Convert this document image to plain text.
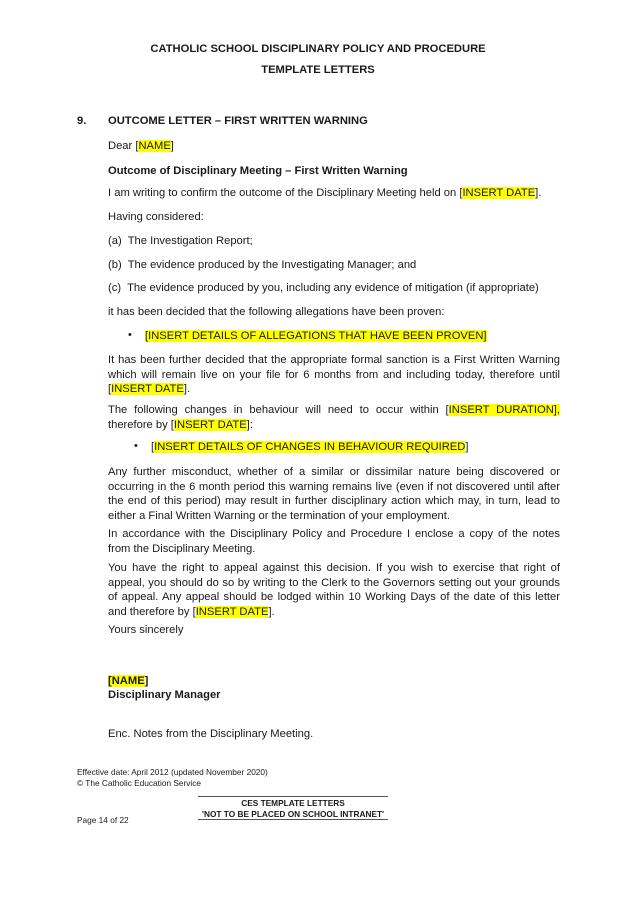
CATHOLIC SCHOOL DISCIPLINARY POLICY AND PROCEDURE
TEMPLATE LETTERS
9. OUTCOME LETTER – FIRST WRITTEN WARNING
Dear [NAME]
Outcome of Disciplinary Meeting – First Written Warning
I am writing to confirm the outcome of the Disciplinary Meeting held on [INSERT DATE].
Having considered:
(a) The Investigation Report;
(b) The evidence produced by the Investigating Manager; and
(c) The evidence produced by you, including any evidence of mitigation (if appropriate)
it has been decided that the following allegations have been proven:
• [INSERT DETAILS OF ALLEGATIONS THAT HAVE BEEN PROVEN]
It has been further decided that the appropriate formal sanction is a First Written Warning which will remain live on your file for 6 months from and including today, therefore until [INSERT DATE].
The following changes in behaviour will need to occur within [INSERT DURATION], therefore by [INSERT DATE]:
• [INSERT DETAILS OF CHANGES IN BEHAVIOUR REQUIRED]
Any further misconduct, whether of a similar or dissimilar nature being discovered or occurring in the 6 month period this warning remains live (even if not discovered until after the end of this period) may result in further disciplinary action which may, in turn, lead to either a Final Written Warning or the termination of your employment.
In accordance with the Disciplinary Policy and Procedure I enclose a copy of the notes from the Disciplinary Meeting.
You have the right to appeal against this decision. If you wish to exercise that right of appeal, you should do so by writing to the Clerk to the Governors setting out your grounds of appeal. Any appeal should be lodged within 10 Working Days of the date of this letter and therefore by [INSERT DATE].
Yours sincerely
[NAME]
Disciplinary Manager
Enc. Notes from the Disciplinary Meeting.
Effective date: April 2012 (updated November 2020)
© The Catholic Education Service
CES TEMPLATE LETTERS
'NOT TO BE PLACED ON SCHOOL INTRANET'
Page 14 of 22
